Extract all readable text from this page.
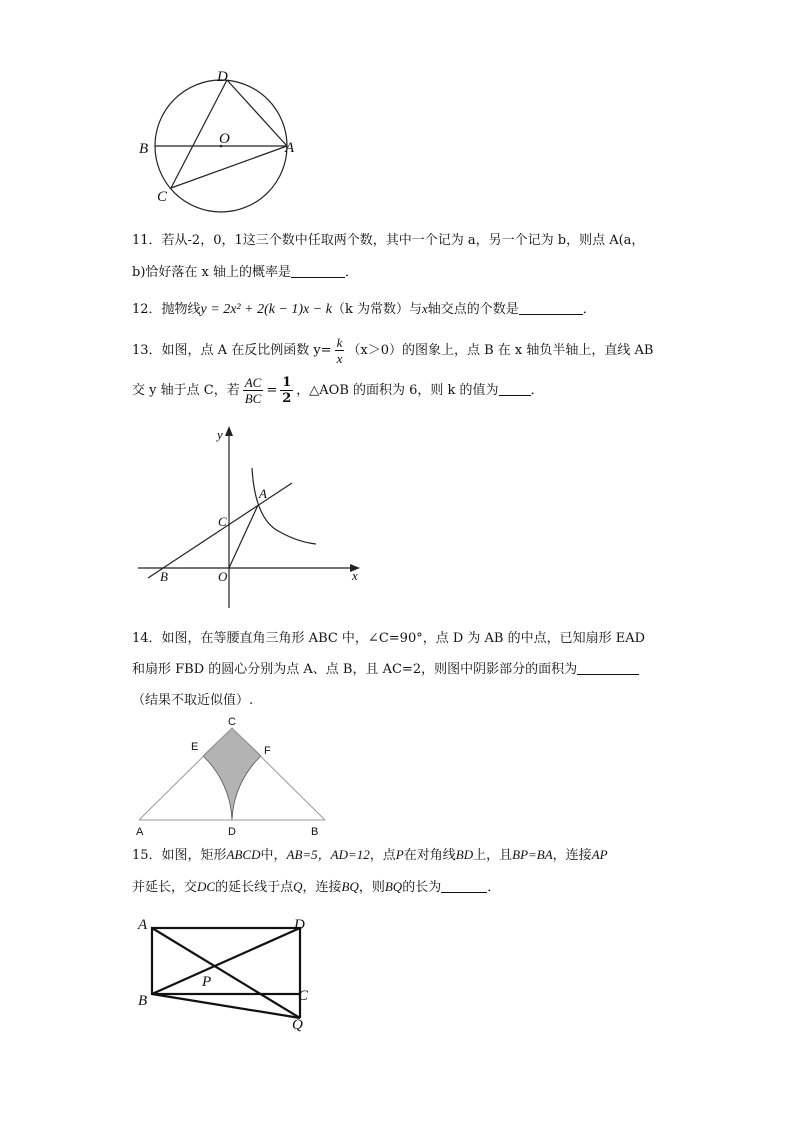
D
O
B	A
C
11．若从-2，0，1这三个数中任取两个数，其中一个记为 a，另一个记为 b，则点 A(a，
b)恰好落在 x 轴上的概率是	．
12．抛物线y = 2x² + 2(k − 1)x − k（k 为常数）与x轴交点的个数是	．
13．如图，点 A 在反比例函数 $y= \frac{k}{x} (x>0)$的图象上，点 B 在 x 轴负半轴上，直线 AB
交 y 轴于点 C，若 $\frac{AC}{BC} = \frac{1}{2}$ ，△AOB 的面积为 6，则 k 的值为 ．
y
x
A
C
B	O
14．如图，在等腰直角三角形 ABC 中，∠C=90°，点 D 为 AB 的中点，已知扇形 EAD
和扇形 FBD 的圆心分别为点 A、点 B，且 AC=2，则图中阴影部分的面积为
（结果不取近似值）.
C
E	F
A	D	B
15．如图，矩形ABCD中，AB=5，AD=12，点P在对角线BD上，且BP=BA，连接AP
并延长，交DC的延长线于点Q，连接BQ，则BQ的长为	．
A	D
P
B	C
Q
